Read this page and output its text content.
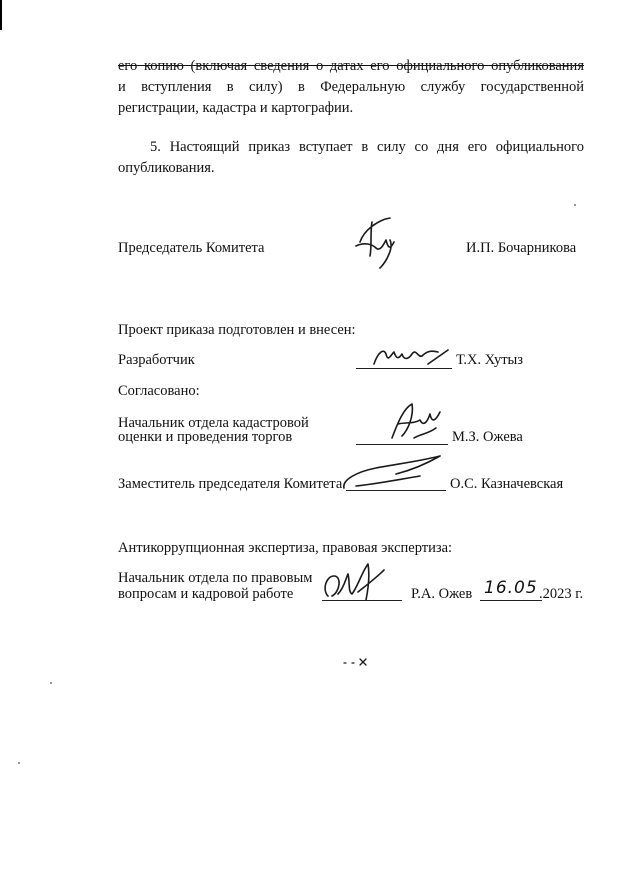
его копию (включая сведения о датах его официального опубликования
и вступления в силу) в Федеральную службу государственной
регистрации, кадастра и картографии.
5. Настоящий приказ вступает в силу со дня его официального
опубликования.
Председатель Комитета	И.П. Бочарникова
Проект приказа подготовлен и внесен:
Разработчик	Т.Х. Хутыз
Согласовано:
Начальник отдела кадастровой
оценки и проведения торгов	М.З. Ожева
Заместитель председателя Комитета	О.С. Казначевская
Антикоррупционная экспертиза, правовая экспертиза:
Начальник отдела по правовым
вопросам и кадровой работе	Р.А. Ожев 16.05 .2023 г.
